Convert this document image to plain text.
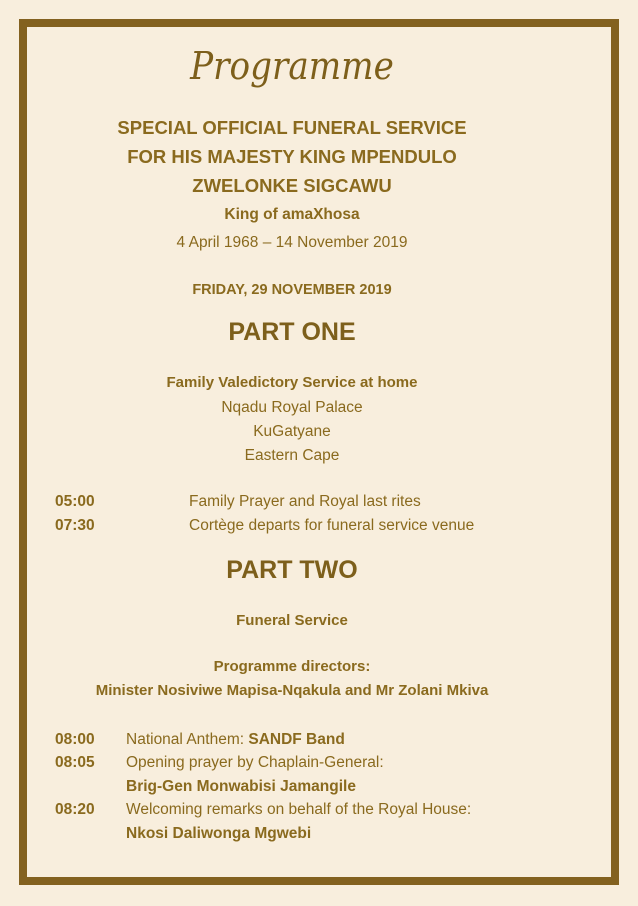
Programme
SPECIAL OFFICIAL FUNERAL SERVICE
FOR HIS MAJESTY KING MPENDULO
ZWELONKE SIGCAWU
King of amaXhosa
4 April 1968 – 14 November 2019
FRIDAY, 29 NOVEMBER 2019
PART ONE
Family Valedictory Service at home
Nqadu Royal Palace
KuGatyane
Eastern Cape
05:00	Family Prayer and Royal last rites
07:30	Cortège departs for funeral service venue
PART TWO
Funeral Service
Programme directors:
Minister Nosiviwe Mapisa-Nqakula and Mr Zolani Mkiva
08:00 National Anthem: SANDF Band
08:05 Opening prayer by Chaplain-General:
Brig-Gen Monwabisi Jamangile
08:20 Welcoming remarks on behalf of the Royal House:
Nkosi Daliwonga Mgwebi
